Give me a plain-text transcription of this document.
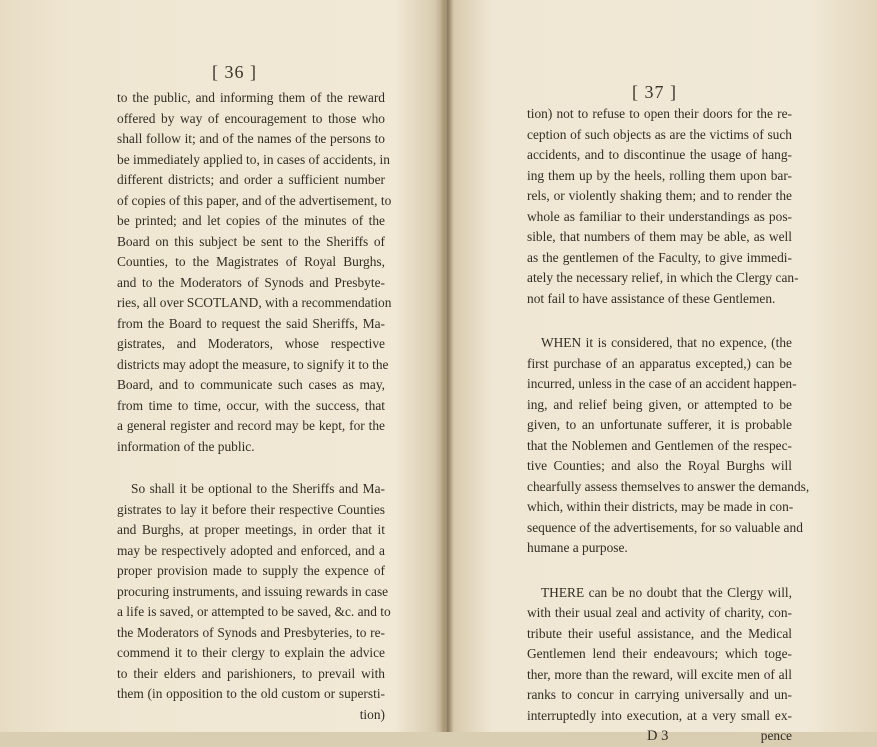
[ 36 ]
to the public, and informing them of the reward
offered by way of encouragement to those who
shall follow it; and of the names of the persons to
be immediately applied to, in cases of accidents, in
different districts; and order a sufficient number
of copies of this paper, and of the advertisement, to
be printed; and let copies of the minutes of the
Board on this subject be sent to the Sheriffs of
Counties, to the Magistrates of Royal Burghs,
and to the Moderators of Synods and Presbyte-
ries, all over SCOTLAND, with a recommendation
from the Board to request the said Sheriffs, Ma-
gistrates, and Moderators, whose respective
districts may adopt the measure, to signify it to the
Board, and to communicate such cases as may,
from time to time, occur, with the success, that
a general register and record may be kept, for the
information of the public.
So shall it be optional to the Sheriffs and Ma-
gistrates to lay it before their respective Counties
and Burghs, at proper meetings, in order that it
may be respectively adopted and enforced, and a
proper provision made to supply the expence of
procuring instruments, and issuing rewards in case
a life is saved, or attempted to be saved, &c. and to
the Moderators of Synods and Presbyteries, to re-
commend it to their clergy to explain the advice
to their elders and parishioners, to prevail with
them (in opposition to the old custom or supersti-
tion)
[ 37 ]
tion) not to refuse to open their doors for the re-
ception of such objects as are the victims of such
accidents, and to discontinue the usage of hang-
ing them up by the heels, rolling them upon bar-
rels, or violently shaking them; and to render the
whole as familiar to their understandings as pos-
sible, that numbers of them may be able, as well
as the gentlemen of the Faculty, to give immedi-
ately the necessary relief, in which the Clergy can-
not fail to have assistance of these Gentlemen.
WHEN it is considered, that no expence, (the
first purchase of an apparatus excepted,) can be
incurred, unless in the case of an accident happen-
ing, and relief being given, or attempted to be
given, to an unfortunate sufferer, it is probable
that the Noblemen and Gentlemen of the respec-
tive Counties; and also the Royal Burghs will
chearfully assess themselves to answer the demands,
which, within their districts, may be made in con-
sequence of the advertisements, for so valuable and
humane a purpose.
THERE can be no doubt that the Clergy will,
with their usual zeal and activity of charity, con-
tribute their useful assistance, and the Medical
Gentlemen lend their endeavours; which toge-
ther, more than the reward, will excite men of all
ranks to concur in carrying universally and un-
interruptedly into execution, at a very small ex-
D 3	pence
